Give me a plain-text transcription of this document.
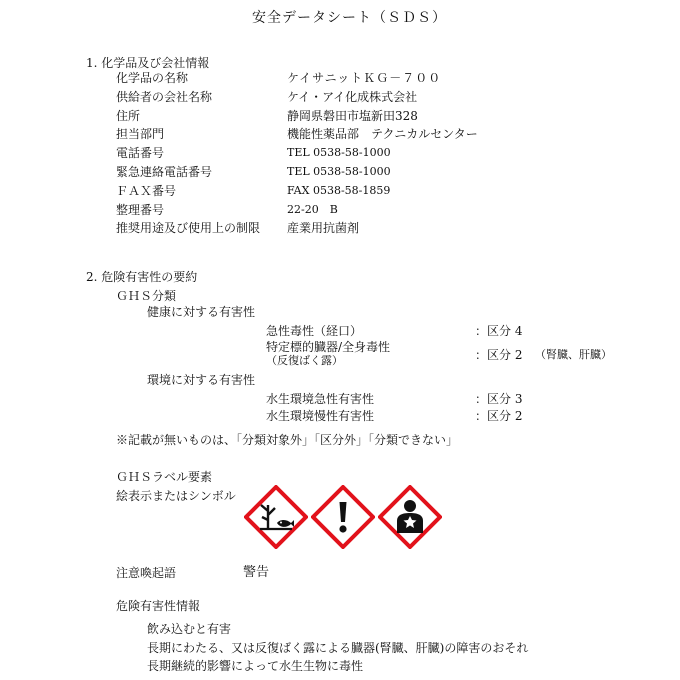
安全データシート（ＳＤＳ）
1. 化学品及び会社情報
化学品の名称	ケイサニットＫＧ－７００
供給者の会社名称	ケイ・アイ化成株式会社
住所	静岡県磐田市塩新田328
担当部門	機能性薬品部　テクニカルセンター
電話番号	TEL 0538-58-1000
緊急連絡電話番号	TEL 0538-58-1000
ＦＡＸ番号	FAX 0538-58-1859
整理番号	22-20　B
推奨用途及び使用上の制限 産業用抗菌剤
2. 危険有害性の要約
ＧＨＳ分類
健康に対する有害性
急性毒性（経口）	：区分 4
特定標的臓器/全身毒性
（反復ばく露）	：区分 2 （腎臓、肝臓）
環境に対する有害性
水生環境急性有害性	：区分 3
水生環境慢性有害性	：区分 2
※記載が無いものは、「分類対象外」「区分外」「分類できない」
ＧＨＳラベル要素
絵表示またはシンボル
注意喚起語	警告
危険有害性情報
飲み込むと有害
長期にわたる、又は反復ばく露による臓器(腎臓、肝臓)の障害のおそれ
長期継続的影響によって水生生物に毒性
